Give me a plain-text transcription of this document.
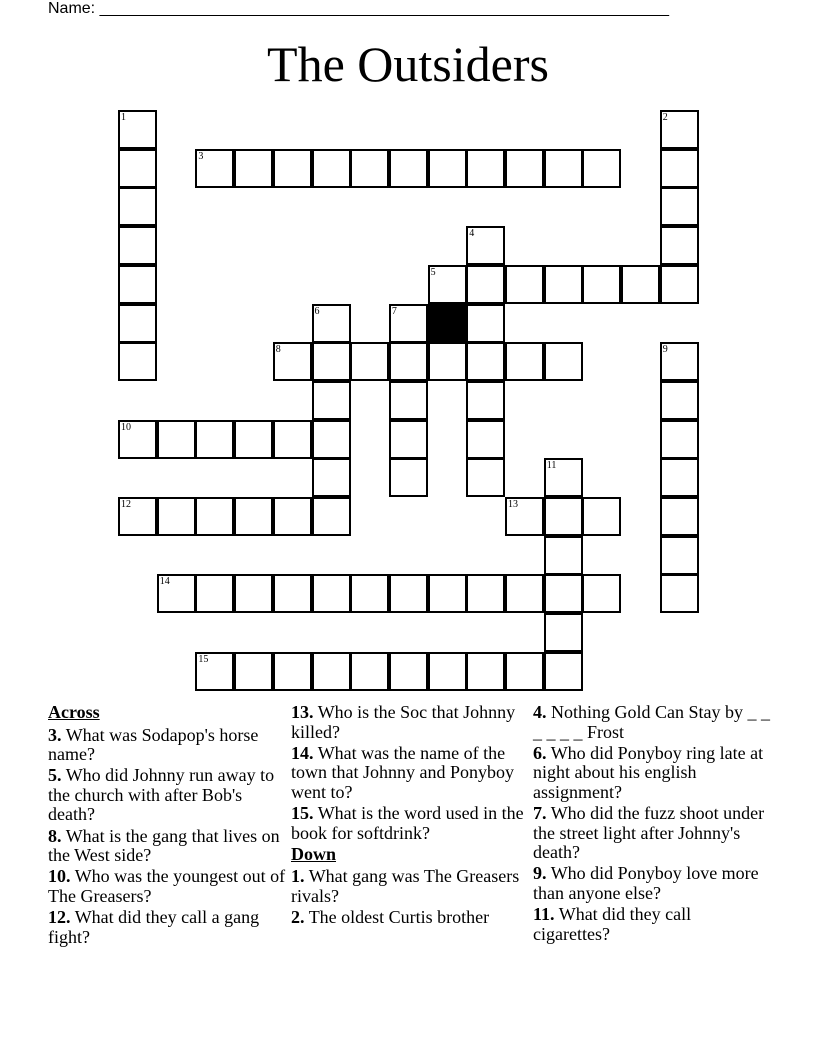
Name: ________________________________________________________________
The Outsiders
1	2
3
4
5
6	7
8	9
10
11
12	13
14
15
Across
3. What was Sodapop's horse name?
5. Who did Johnny run away to the church with after Bob's death?
8. What is the gang that lives on the West side?
10. Who was the youngest out of The Greasers?
12. What did they call a gang fight?
13. Who is the Soc that Johnny killed?
14. What was the name of the town that Johnny and Ponyboy went to?
15. What is the word used in the book for softdrink?
Down
1. What gang was The Greasers rivals?
2. The oldest Curtis brother
4. Nothing Gold Can Stay by _ _ _ _ _ _ Frost
6. Who did Ponyboy ring late at night about his english assignment?
7. Who did the fuzz shoot under the street light after Johnny's death?
9. Who did Ponyboy love more than anyone else?
11. What did they call cigarettes?
